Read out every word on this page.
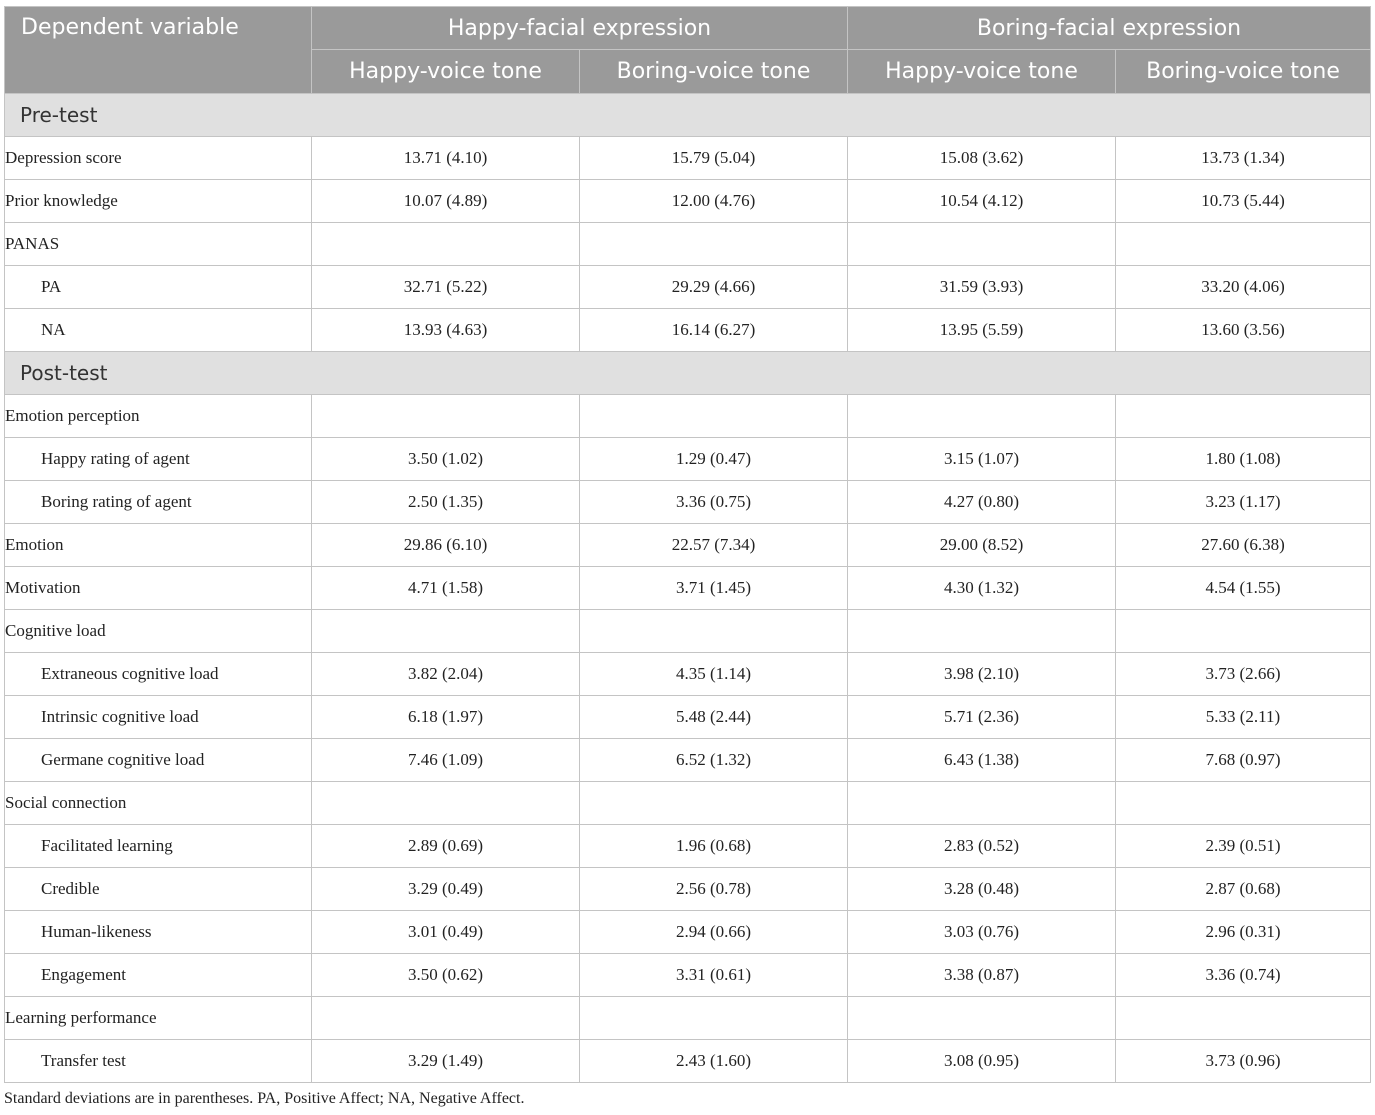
Dependent variable	Happy-facial expression		Boring-facial expression	
	Happy-voice tone	Boring-voice tone	Happy-voice tone	Boring-voice tone
Pre-test				
Depression score	13.71 (4.10)	15.79 (5.04)	15.08 (3.62)	13.73 (1.34)
Prior knowledge	10.07 (4.89)	12.00 (4.76)	10.54 (4.12)	10.73 (5.44)
PANAS				
PA	32.71 (5.22)	29.29 (4.66)	31.59 (3.93)	33.20 (4.06)
NA	13.93 (4.63)	16.14 (6.27)	13.95 (5.59)	13.60 (3.56)
Post-test				
Emotion perception				
Happy rating of agent	3.50 (1.02)	1.29 (0.47)	3.15 (1.07)	1.80 (1.08)
Boring rating of agent	2.50 (1.35)	3.36 (0.75)	4.27 (0.80)	3.23 (1.17)
Emotion	29.86 (6.10)	22.57 (7.34)	29.00 (8.52)	27.60 (6.38)
Motivation	4.71 (1.58)	3.71 (1.45)	4.30 (1.32)	4.54 (1.55)
Cognitive load				
Extraneous cognitive load	3.82 (2.04)	4.35 (1.14)	3.98 (2.10)	3.73 (2.66)
Intrinsic cognitive load	6.18 (1.97)	5.48 (2.44)	5.71 (2.36)	5.33 (2.11)
Germane cognitive load	7.46 (1.09)	6.52 (1.32)	6.43 (1.38)	7.68 (0.97)
Social connection				
Facilitated learning	2.89 (0.69)	1.96 (0.68)	2.83 (0.52)	2.39 (0.51)
Credible	3.29 (0.49)	2.56 (0.78)	3.28 (0.48)	2.87 (0.68)
Human-likeness	3.01 (0.49)	2.94 (0.66)	3.03 (0.76)	2.96 (0.31)
Engagement	3.50 (0.62)	3.31 (0.61)	3.38 (0.87)	3.36 (0.74)
Learning performance				
Transfer test	3.29 (1.49)	2.43 (1.60)	3.08 (0.95)	3.73 (0.96)
Standard deviations are in parentheses. PA, Positive Affect; NA, Negative Affect.
